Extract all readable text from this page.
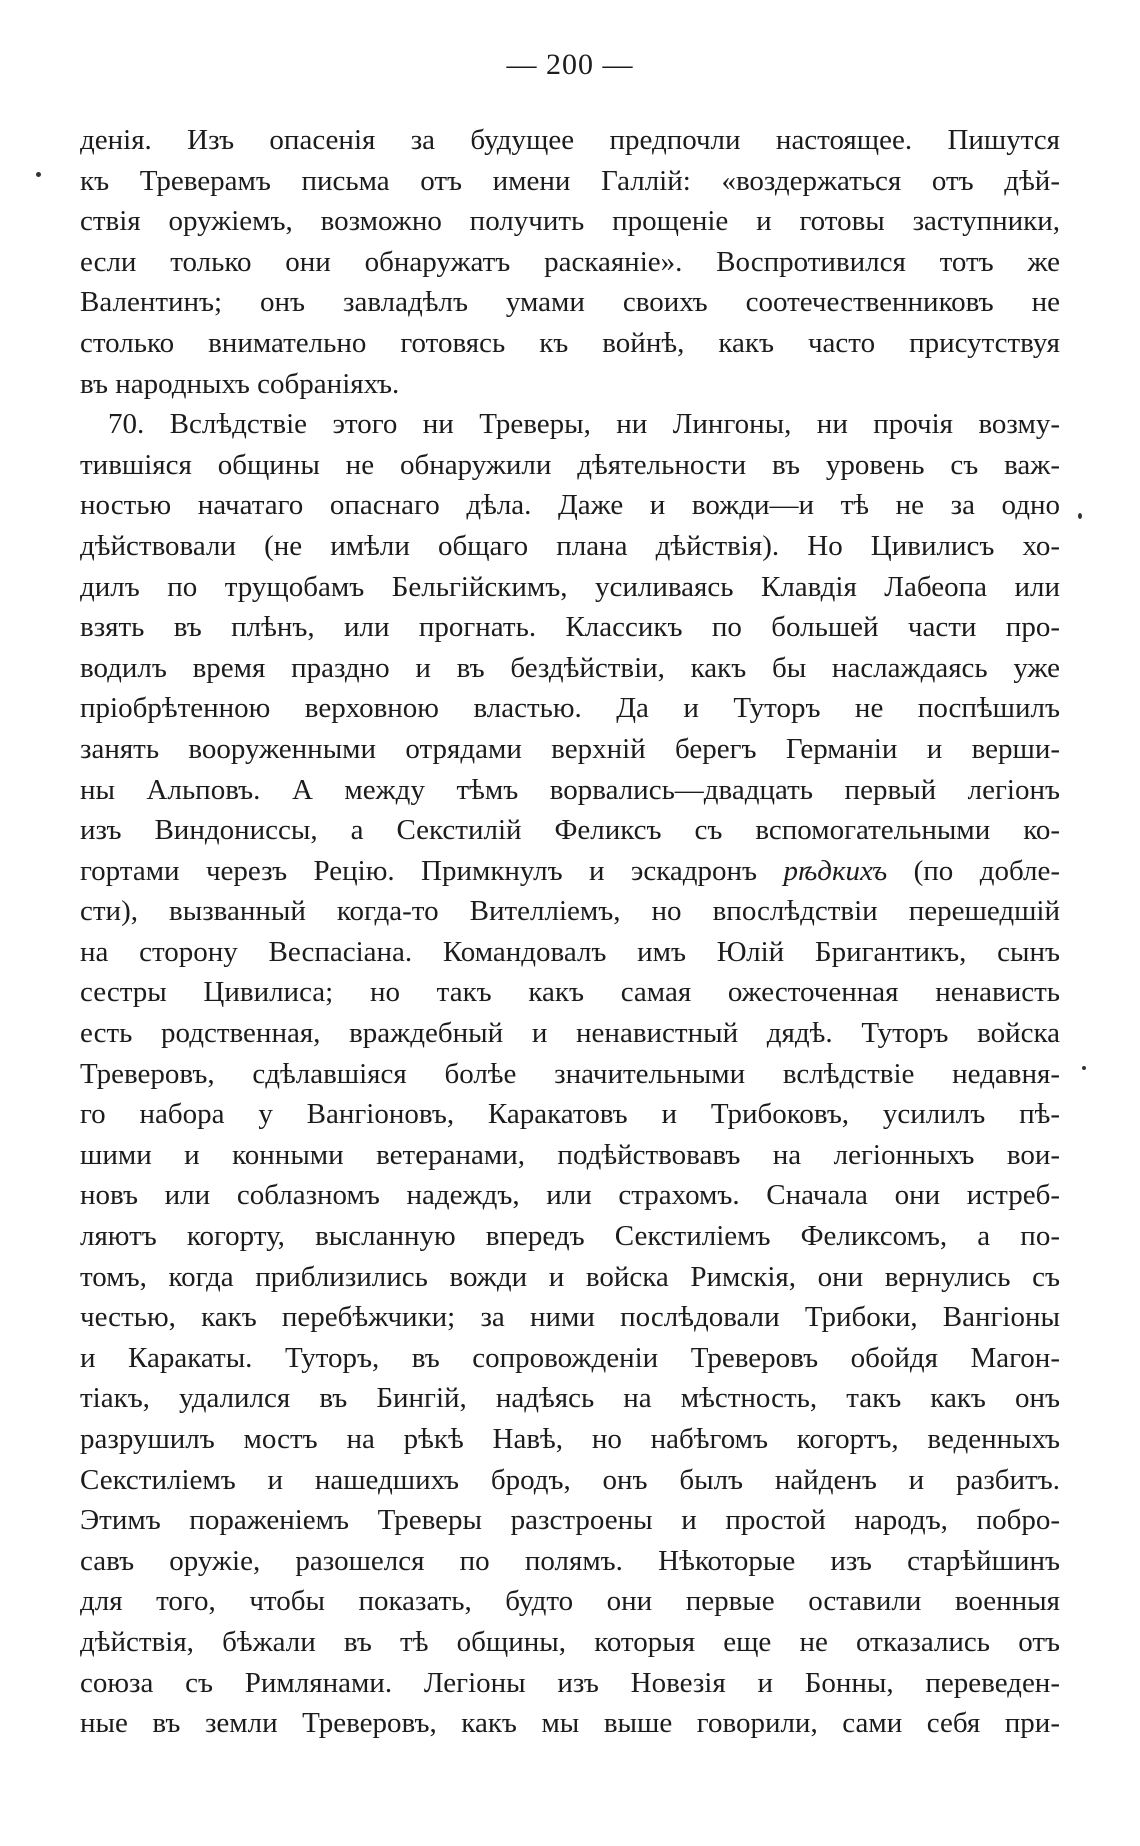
— 200 —
денія. Изъ опасенія за будущее предпочли настоящее. Пишутся
къ Треверамъ письма отъ имени Галлій: «воздержаться отъ дѣй-
ствія оружіемъ, возможно получить прощеніе и готовы заступники,
если только они обнаружатъ раскаяніе». Воспротивился тотъ же
Валентинъ; онъ завладѣлъ умами своихъ соотечественниковъ не
столько внимательно готовясь къ войнѣ, какъ часто присутствуя
въ народныхъ собраніяхъ.
70. Вслѣдствіе этого ни Треверы, ни Лингоны, ни прочія возму-
тившіяся общины не обнаружили дѣятельности въ уровень съ важ-
ностью начатаго опаснаго дѣла. Даже и вожди—и тѣ не за одно
дѣйствовали (не имѣли общаго плана дѣйствія). Но Цивилисъ хо-
дилъ по трущобамъ Бельгійскимъ, усиливаясь Клавдія Лабеопа или
взять въ плѣнъ, или прогнать. Классикъ по большей части про-
водилъ время праздно и въ бездѣйствіи, какъ бы наслаждаясь уже
пріобрѣтенною верховною властью. Да и Туторъ не поспѣшилъ
занять вооруженными отрядами верхній берегъ Германіи и верши-
ны Альповъ. А между тѣмъ ворвались—двадцать первый легіонъ
изъ Виндониссы, а Секстилій Феликсъ съ вспомогательными ко-
гортами черезъ Рецію. Примкнулъ и эскадронъ рѣдкихъ (по добле-
сти), вызванный когда-то Вителліемъ, но впослѣдствіи перешедшій
на сторону Веспасіана. Командовалъ имъ Юлій Бригантикъ, сынъ
сестры Цивилиса; но такъ какъ самая ожесточенная ненависть
есть родственная, враждебный и ненавистный дядѣ. Туторъ войска
Треверовъ, сдѣлавшіяся болѣе значительными вслѣдствіе недавня-
го набора у Вангіоновъ, Каракатовъ и Трибоковъ, усилилъ пѣ-
шими и конными ветеранами, подѣйствовавъ на легіонныхъ вои-
новъ или соблазномъ надеждъ, или страхомъ. Сначала они истреб-
ляютъ когорту, высланную впередъ Секстиліемъ Феликсомъ, а по-
томъ, когда приблизились вожди и войска Римскія, они вернулись съ
честью, какъ перебѣжчики; за ними послѣдовали Трибоки, Вангіоны
и Каракаты. Туторъ, въ сопровожденіи Треверовъ обойдя Магон-
тіакъ, удалился въ Бингій, надѣясь на мѣстность, такъ какъ онъ
разрушилъ мостъ на рѣкѣ Навѣ, но набѣгомъ когортъ, веденныхъ
Секстиліемъ и нашедшихъ бродъ, онъ былъ найденъ и разбитъ.
Этимъ пораженіемъ Треверы разстроены и простой народъ, побро-
савъ оружіе, разошелся по полямъ. Нѣкоторые изъ старѣйшинъ
для того, чтобы показать, будто они первые оставили военныя
дѣйствія, бѣжали въ тѣ общины, которыя еще не отказались отъ
союза съ Римлянами. Легіоны изъ Новезія и Бонны, переведен-
ные въ земли Треверовъ, какъ мы выше говорили, сами себя при-
